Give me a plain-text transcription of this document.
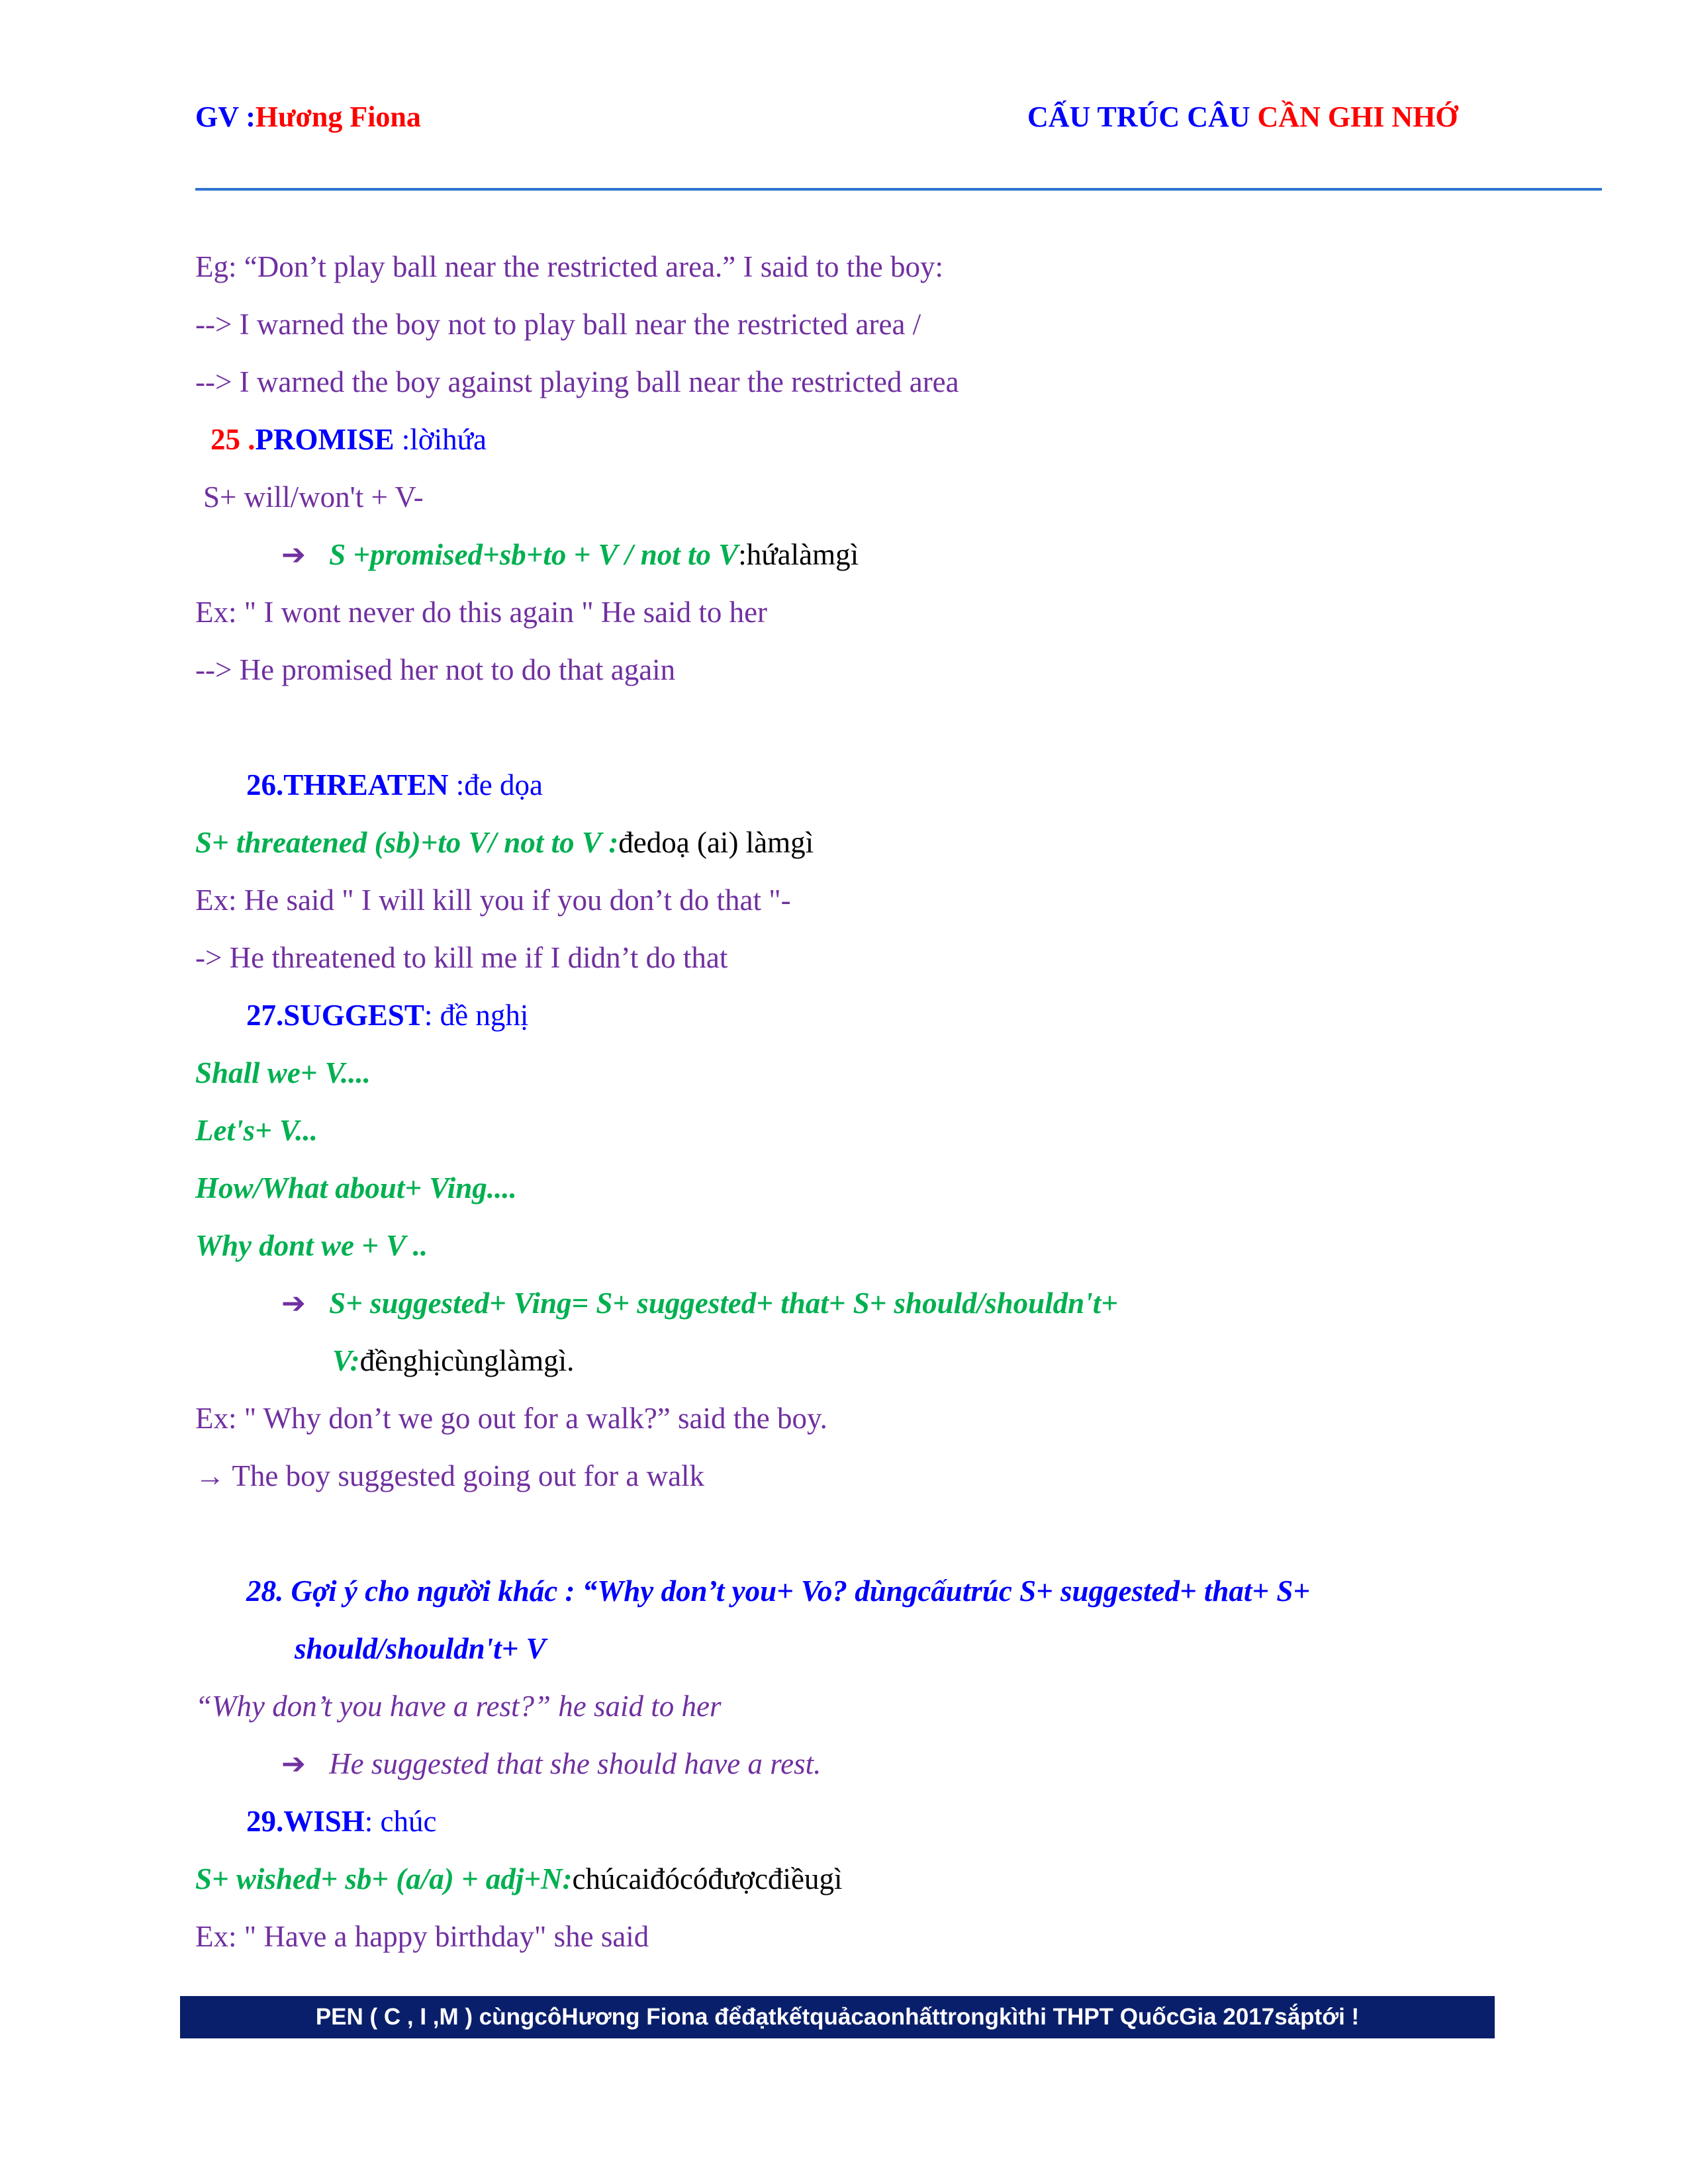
GV :Hương Fiona	CẤU TRÚC CÂU CẦN GHI NHỚ
Eg: “Don’t play ball near the restricted area.” I said to the boy:
--> I warned the boy not to play ball near the restricted area /
--> I warned the boy against playing ball near the restricted area
25 .PROMISE :lờihứa
S+ will/won't + V-
➔ S +promised+sb+to + V / not to V:hứalàmgì
Ex: " I wont never do this again " He said to her
--> He promised her not to do that again
26.THREATEN :đe dọa
S+ threatened (sb)+to V/ not to V :đedoạ (ai) làmgì
Ex: He said " I will kill you if you don’t do that "-
-> He threatened to kill me if I didn’t do that
27.SUGGEST: đề nghị
Shall we+ V....
Let's+ V...
How/What about+ Ving....
Why dont we + V ..
➔ S+ suggested+ Ving= S+ suggested+ that+ S+ should/shouldn't+
V:đềnghịcùnglàmgì.
Ex: " Why don’t we go out for a walk?” said the boy.
→ The boy suggested going out for a walk
28. Gợi ý cho người khác : “Why don’t you+ Vo? dùngcấutrúc S+ suggested+ that+ S+
should/shouldn't+ V
“Why don’t you have a rest?” he said to her
➔ He suggested that she should have a rest.
29.WISH: chúc
S+ wished+ sb+ (a/a) + adj+N:chúcaiđócóđượcđiềugì
Ex: " Have a happy birthday" she said
PEN ( C , I ,M ) cùngcôHương Fiona đểđạtkếtquảcaonhấttrongkìthi THPT QuốcGia 2017sắptới !
